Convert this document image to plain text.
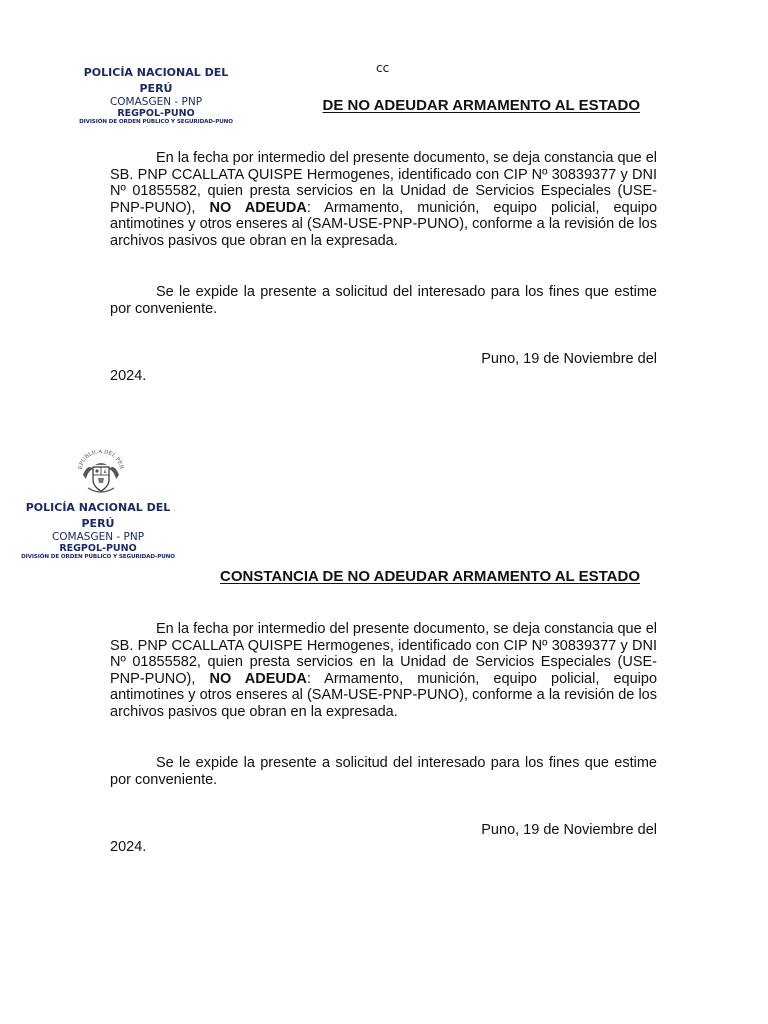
cc
POLICÍA NACIONAL DEL
PERÚ
COMASGEN - PNP
REGPOL-PUNO
DIVISIÓN DE ORDEN PÚBLICO Y SEGURIDAD-PUNO
DE NO ADEUDAR ARMAMENTO AL ESTADO

En la fecha por intermedio del presente documento, se deja constancia que el SB. PNP CCALLATA QUISPE Hermogenes, identificado con CIP Nº 30839377 y DNI Nº 01855582, quien presta servicios en la Unidad de Servicios Especiales (USE-PNP-PUNO), NO ADEUDA: Armamento, munición, equipo policial, equipo antimotines y otros enseres al (SAM-USE-PNP-PUNO), conforme a la revisión de los archivos pasivos que obran en la expresada.

Se le expide la presente a solicitud del interesado para los fines que estime por conveniente.

Puno, 19 de Noviembre del
2024.
EPUBLICA DEL PER
POLICÍA NACIONAL DEL
PERÚ
COMASGEN - PNP
REGPOL-PUNO
DIVISIÓN DE ORDEN PÚBLICO Y SEGURIDAD-PUNO
CONSTANCIA DE NO ADEUDAR ARMAMENTO AL ESTADO

En la fecha por intermedio del presente documento, se deja constancia que el SB. PNP CCALLATA QUISPE Hermogenes, identificado con CIP Nº 30839377 y DNI Nº 01855582, quien presta servicios en la Unidad de Servicios Especiales (USE-PNP-PUNO), NO ADEUDA: Armamento, munición, equipo policial, equipo antimotines y otros enseres al (SAM-USE-PNP-PUNO), conforme a la revisión de los archivos pasivos que obran en la expresada.

Se le expide la presente a solicitud del interesado para los fines que estime por conveniente.

Puno, 19 de Noviembre del
2024.
